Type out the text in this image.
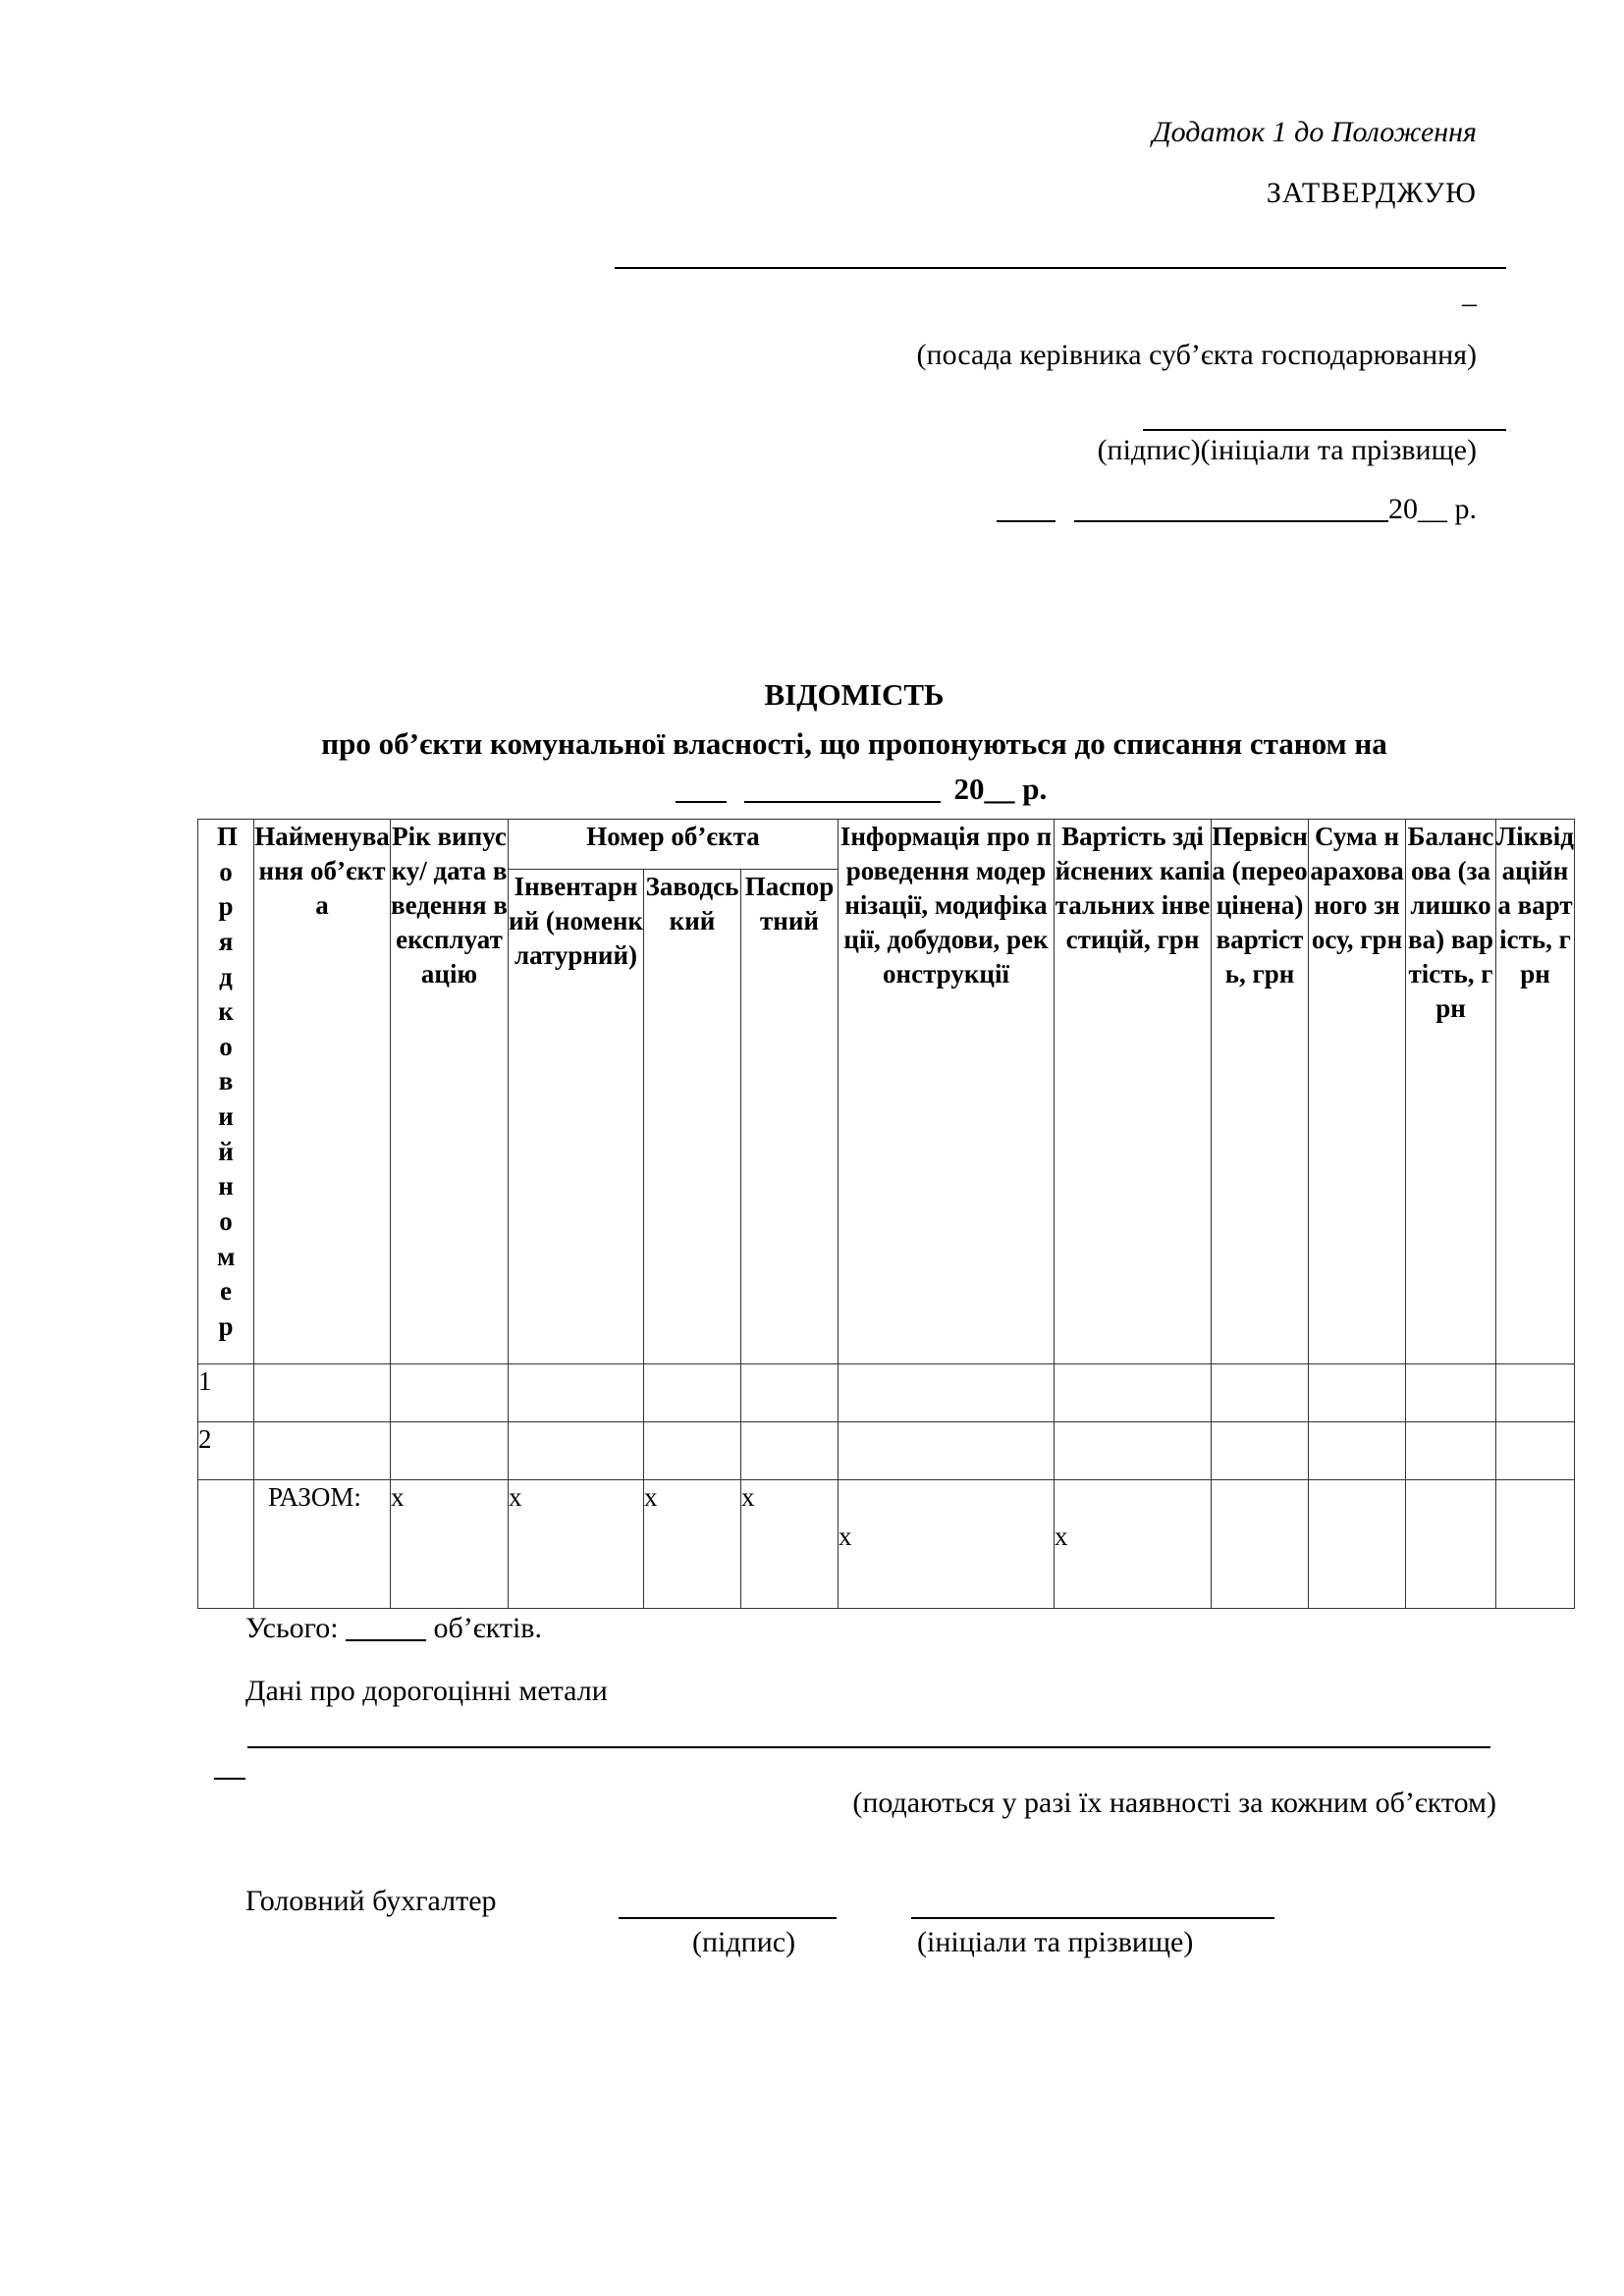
Додаток 1 до Положення
ЗАТВЕРДЖУЮ
–
(посада керівника суб’єкта господарювання)
(підпис)(ініціали та прізвище)
20__ р.
ВІДОМІСТЬ
про об’єкти комунальної власності, що пропонуються до списання станом на
20__ р.
Порядковий номер	Найменування об’єкта	Рік випуску/ дата введення в експлуатацію	Номер об’єкта			Інформація про проведення модернізації, модифікації, добудови, реконструкції	Вартість здійснених капітальних інвестицій, грн	Первісна (переоцінена) вартість, грн	Сума нарахованого зносу, грн	Балансова (залишкова) вартість, грн	Ліквідаційна вартість, грн
			Інвентарний (номенклатурний)	Заводський	Паспортний						
1											
2											
	РАЗОМ:	x	x	x	x	x	x				
Усього:	об’єктів.
Дані про дорогоцінні метали
(подаються у разі їх наявності за кожним об’єктом)
Головний бухгалтер
(підпис)	(ініціали та прізвище)
